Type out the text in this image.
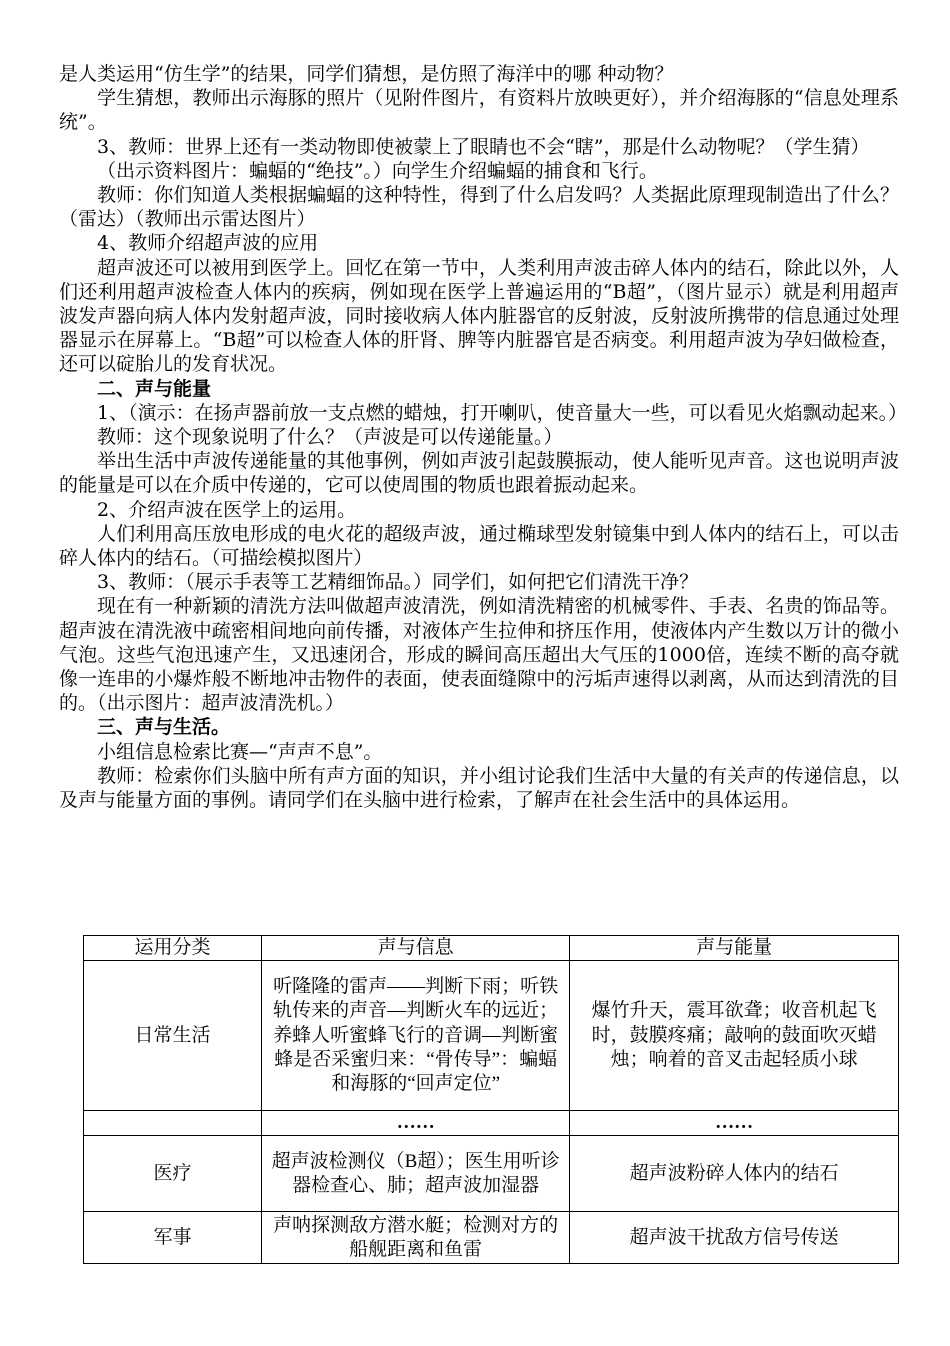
是人类运用“仿生学”的结果，同学们猜想，是仿照了海洋中的哪 种动物？

学生猜想，教师出示海豚的照片（见附件图片，有资料片放映更好），并介绍海豚的“信息处理系统”。

3、教师：世界上还有一类动物即使被蒙上了眼睛也不会“瞎”，那是什么动物呢？（学生猜）

（出示资料图片：蝙蝠的“绝技”。）向学生介绍蝙蝠的捕食和飞行。

教师：你们知道人类根据蝙蝠的这种特性，得到了什么启发吗？人类据此原理现制造出了什么？（雷达）（教师出示雷达图片）

4、教师介绍超声波的应用

超声波还可以被用到医学上。回忆在第一节中，人类利用声波击碎人体内的结石，除此以外，人们还利用超声波检查人体内的疾病，例如现在医学上普遍运用的“B超”，（图片显示）就是利用超声波发声器向病人体内发射超声波，同时接收病人体内脏器官的反射波，反射波所携带的信息通过处理器显示在屏幕上。“B超”可以检查人体的肝肾、脾等内脏器官是否病变。利用超声波为孕妇做检查，还可以碇胎儿的发育状况。

二、声与能量

1、（演示：在扬声器前放一支点燃的蜡烛，打开喇叭，使音量大一些，可以看见火焰飘动起来。）

教师：这个现象说明了什么？（声波是可以传递能量。）

举出生活中声波传递能量的其他事例，例如声波引起鼓膜振动，使人能听见声音。这也说明声波的能量是可以在介质中传递的，它可以使周围的物质也跟着振动起来。

2、介绍声波在医学上的运用。

人们利用高压放电形成的电火花的超级声波，通过椭球型发射镜集中到人体内的结石上，可以击碎人体内的结石。（可描绘模拟图片）

3、教师：（展示手表等工艺精细饰品。）同学们，如何把它们清洗干净？

现在有一种新颖的清洗方法叫做超声波清洗，例如清洗精密的机械零件、手表、名贵的饰品等。超声波在清洗液中疏密相间地向前传播，对液体产生拉伸和挤压作用，使液体内产生数以万计的微小气泡。这些气泡迅速产生，又迅速闭合，形成的瞬间高压超出大气压的1000倍，连续不断的高夺就像一连串的小爆炸般不断地冲击物件的表面，使表面缝隙中的污垢声速得以剥离，从而达到清洗的目的。（出示图片：超声波清洗机。）

三、声与生活。

小组信息检索比赛—“声声不息”。

教师：检索你们头脑中所有声方面的知识，并小组讨论我们生活中大量的有关声的传递信息，以及声与能量方面的事例。请同学们在头脑中进行检索，了解声在社会生活中的具体运用。

运用分类	声与信息	声与能量
日常生活	听隆隆的雷声——判断下雨；听铁轨传来的声音—判断火车的远近；养蜂人听蜜蜂飞行的音调—判断蜜蜂是否采蜜归来：“骨传导”：蝙蝠和海豚的“回声定位”	爆竹升天，震耳欲聋；收音机起飞时，鼓膜疼痛；敲响的鼓面吹灭蜡烛；响着的音叉击起轻质小球
	……	……
医疗	超声波检测仪（B超）；医生用听诊器检查心、肺；超声波加湿器	超声波粉碎人体内的结石
军事	声呐探测敌方潜水艇；检测对方的船舰距离和鱼雷	超声波干扰敌方信号传送
